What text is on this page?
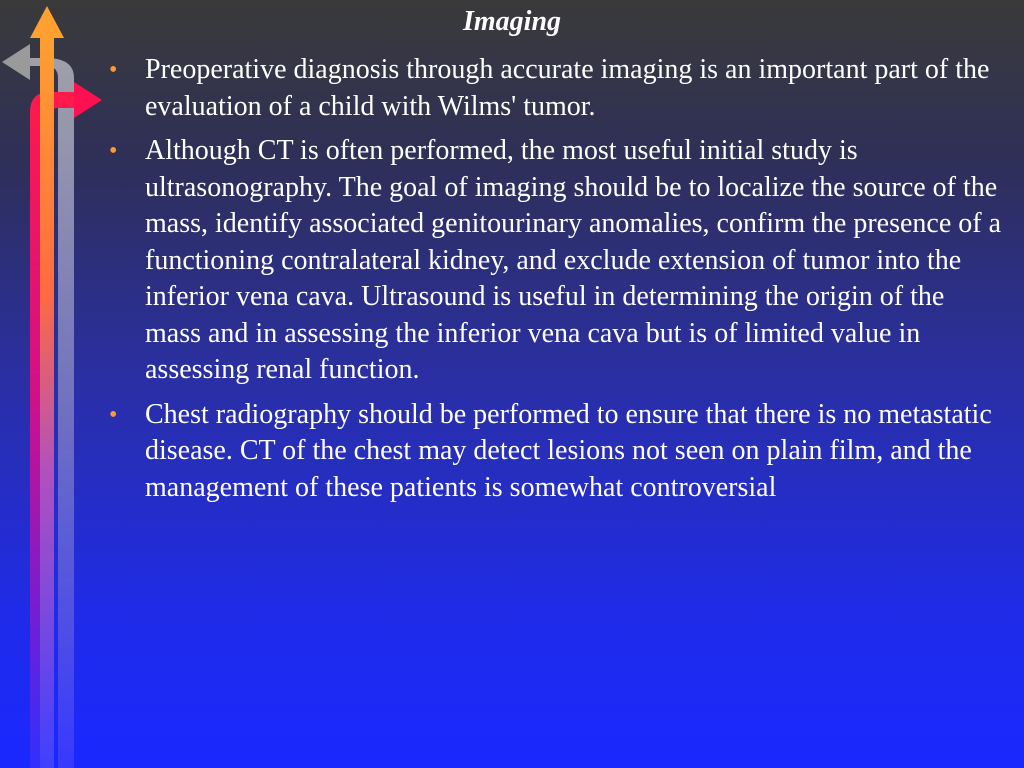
Imaging
• Preoperative diagnosis through accurate imaging is an important part of the evaluation of a child with Wilms' tumor.
• Although CT is often performed, the most useful initial study is ultrasonography. The goal of imaging should be to localize the source of the mass, identify associated genitourinary anomalies, confirm the presence of a functioning contralateral kidney, and exclude extension of tumor into the inferior vena cava. Ultrasound is useful in determining the origin of the mass and in assessing the inferior vena cava but is of limited value in assessing renal function.
• Chest radiography should be performed to ensure that there is no metastatic disease. CT of the chest may detect lesions not seen on plain film, and the management of these patients is somewhat controversial
